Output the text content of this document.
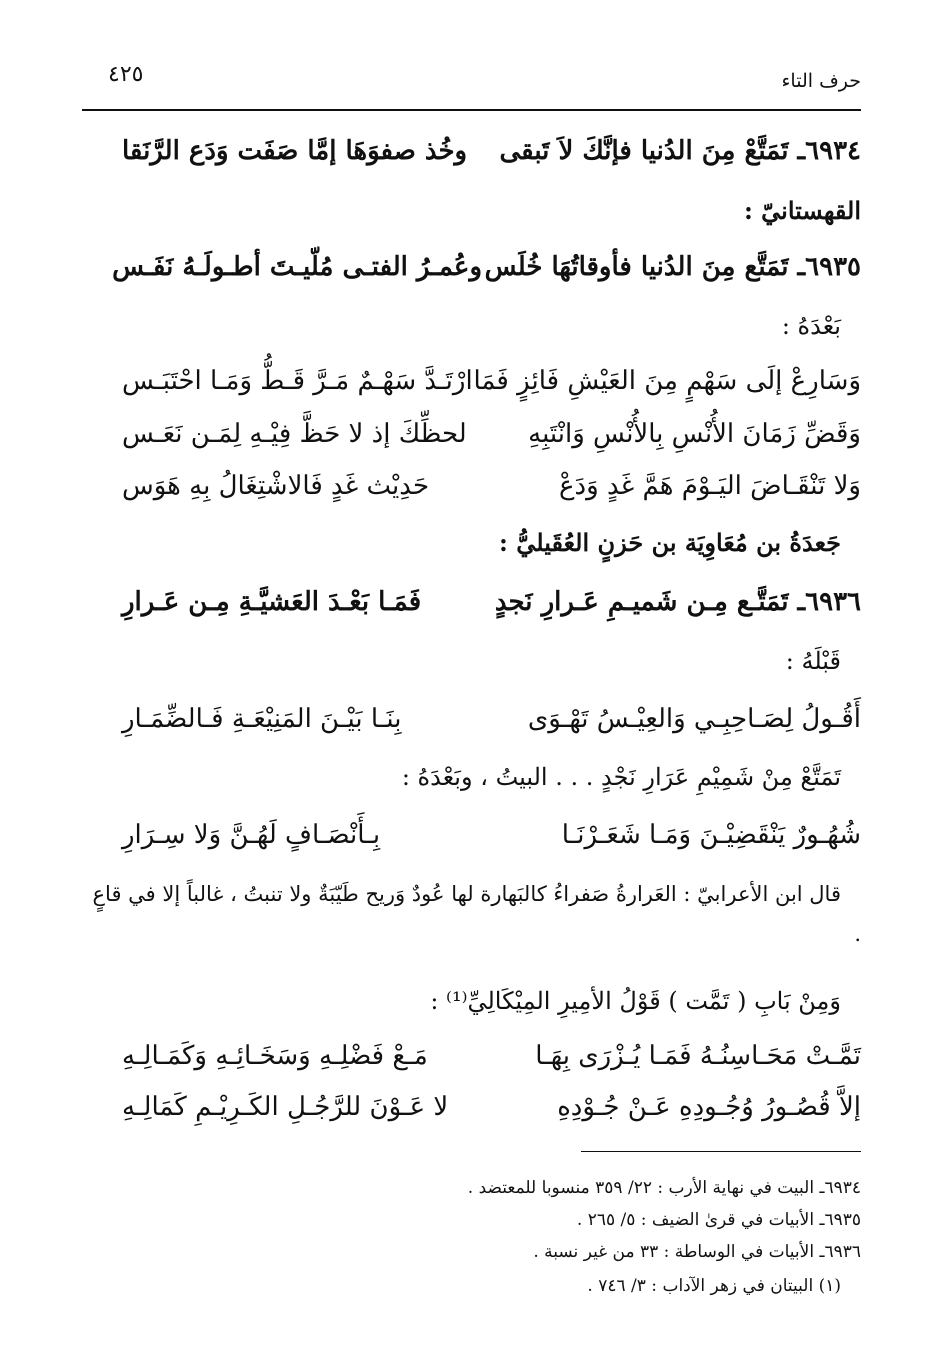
حرف التاء
٤٢٥
٦٩٣٤ـ تَمَتَّعْ مِنَ الدُنيا فإنَّكَ لاَ تَبقى
وخُذ صفوَهَا إمَّا صَفَت وَدَع الرَّنَقا
القهستانيّ :
٦٩٣٥ـ تَمَتَّع مِنَ الدُنيا فأوقاتُهَا خُلَس
وعُمـرُ الفتـى مُلّيـتَ أطـولَـهُ نَفَـس
بَعْدَهُ :
وَسَارِعْ إلَى سَهْمٍ مِنَ العَيْشِ فَائِزٍ فَمَا
ارْتَـدَّ سَهْـمٌ مَـرَّ قَـطُّ وَمَـا احْتَبَـس
وَقَضِّ زَمَانَ الأُنْسِ بِالأُنْسِ وَانْتَبِهِ
لحظِّكَ إذ لا حَظَّ فِيْـهِ لِمَـن نَعَـس
وَلا تَنْقَـاضَ اليَـوْمَ هَمَّ غَدٍ وَدَعْ
حَدِيْث غَدٍ فَالاشْتِغَالُ بِهِ هَوَس
جَعدَةُ بن مُعَاوِيَة بن حَزنٍ العُقَيليُّ :
٦٩٣٦ـ تَمَتَّـع مِـن شَميـمِ عَـرارِ نَجدٍ
فَمَـا بَعْـدَ العَشيَّـةِ مِـن عَـرارِ
قَبْلَهُ :
أَقُـولُ لِصَـاحِبِـي وَالعِيْـسُ تَهْـوَى
بِنَـا بَيْـنَ المَنِيْعَـةِ فَـالضِّمَـارِ
تَمَتَّعْ مِنْ شَمِيْمِ عَرَارِ نَجْدٍ . . . البيتُ ، وبَعْدَهُ :
شُهُـورٌ يَنْقَضِيْـنَ وَمَـا شَعَـرْنَـا
بِـأَنْصَـافٍ لَهُـنَّ وَلا سِـرَارِ
قال ابن الأعرابيّ : العَرارةُ صَفراءُ كالبَهارة لها عُودٌ وَريح طَيّبَةٌ ولا تنبتُ ، غالباً إلا في قاعٍ .
وَمِنْ بَابِ ( تَمَّت ) قَوْلُ الأمِيرِ المِيْكَالِيِّ⁽¹⁾ :
تَمَّـتْ مَحَـاسِنُـهُ فَمَـا يُـزْرَى بِهَـا
مَـعْ فَضْلِـهِ وَسَخَـائِـهِ وَكَمَـالِـهِ
إلاَّ قُصُـورُ وُجُـودِهِ عَـنْ جُـوْدِهِ
لا عَـوْنَ للرَّجُـلِ الكَـرِيْـمِ كَمَالِـهِ
٦٩٣٤ـ البيت في نهاية الأرب : ٢٢/ ٣٥٩ منسوبا للمعتضد .
٦٩٣٥ـ الأبيات في قرىٰ الضيف : ٥/ ٢٦٥ .
٦٩٣٦ـ الأبيات في الوساطة : ٣٣ من غير نسبة .
(١) البيتان في زهر الآداب : ٣/ ٧٤٦ .
